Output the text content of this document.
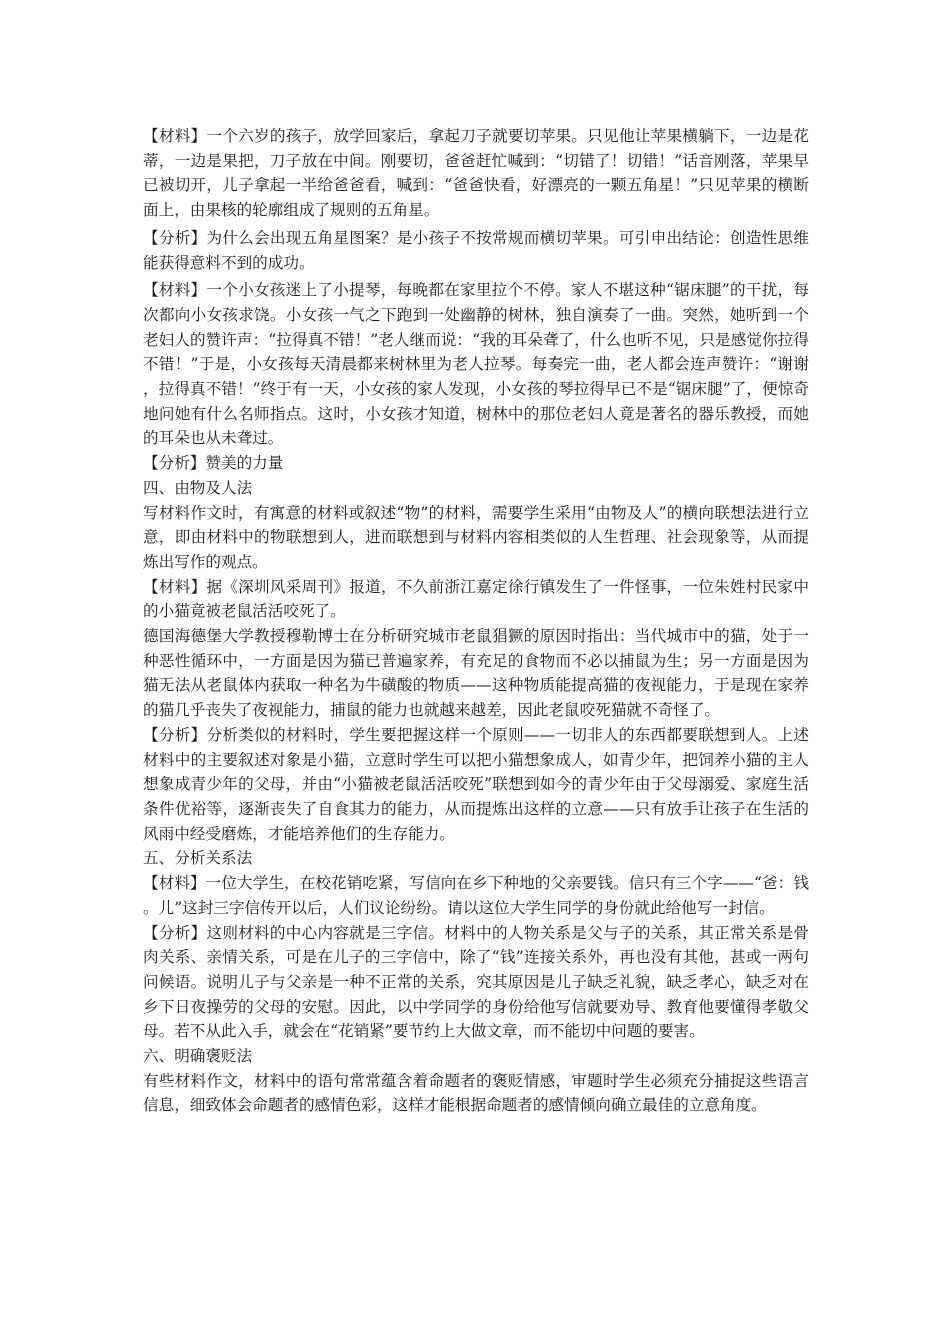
【材料】一个六岁的孩子，放学回家后，拿起刀子就要切苹果。只见他让苹果横躺下，一边是花蒂，一边是果把，刀子放在中间。刚要切，爸爸赶忙喊到：“切错了！切错！”话音刚落，苹果早已被切开，儿子拿起一半给爸爸看，喊到：“爸爸快看，好漂亮的一颗五角星！”只见苹果的横断面上，由果核的轮廓组成了规则的五角星。

【分析】为什么会出现五角星图案？是小孩子不按常规而横切苹果。可引申出结论：创造性思维能获得意料不到的成功。

【材料】一个小女孩迷上了小提琴，每晚都在家里拉个不停。家人不堪这种“锯床腿”的干扰，每次都向小女孩求饶。小女孩一气之下跑到一处幽静的树林，独自演奏了一曲。突然，她听到一个老妇人的赞许声：“拉得真不错！”老人继而说：“我的耳朵聋了，什么也听不见，只是感觉你拉得不错！”于是，小女孩每天清晨都来树林里为老人拉琴。每奏完一曲，老人都会连声赞许：“谢谢，拉得真不错！”终于有一天，小女孩的家人发现，小女孩的琴拉得早已不是“锯床腿”了，便惊奇地问她有什么名师指点。这时，小女孩才知道，树林中的那位老妇人竟是著名的器乐教授，而她的耳朵也从未聋过。

【分析】赞美的力量

四、由物及人法

写材料作文时，有寓意的材料或叙述“物”的材料，需要学生采用“由物及人”的横向联想法进行立意，即由材料中的物联想到人，进而联想到与材料内容相类似的人生哲理、社会现象等，从而提炼出写作的观点。

【材料】据《深圳风采周刊》报道，不久前浙江嘉定徐行镇发生了一件怪事，一位朱姓村民家中的小猫竟被老鼠活活咬死了。

德国海德堡大学教授穆勒博士在分析研究城市老鼠猖獗的原因时指出：当代城市中的猫，处于一种恶性循环中，一方面是因为猫已普遍家养，有充足的食物而不必以捕鼠为生；另一方面是因为猫无法从老鼠体内获取一种名为牛磺酸的物质——这种物质能提高猫的夜视能力，于是现在家养的猫几乎丧失了夜视能力，捕鼠的能力也就越来越差，因此老鼠咬死猫就不奇怪了。

【分析】分析类似的材料时，学生要把握这样一个原则——一切非人的东西都要联想到人。上述材料中的主要叙述对象是小猫，立意时学生可以把小猫想象成人，如青少年，把饲养小猫的主人想象成青少年的父母，并由“小猫被老鼠活活咬死”联想到如今的青少年由于父母溺爱、家庭生活条件优裕等，逐渐丧失了自食其力的能力，从而提炼出这样的立意——只有放手让孩子在生活的风雨中经受磨炼，才能培养他们的生存能力。

五、分析关系法

【材料】一位大学生，在校花销吃紧，写信向在乡下种地的父亲要钱。信只有三个字——“爸：钱。儿”这封三字信传开以后，人们议论纷纷。请以这位大学生同学的身份就此给他写一封信。

【分析】这则材料的中心内容就是三字信。材料中的人物关系是父与子的关系，其正常关系是骨肉关系、亲情关系，可是在儿子的三字信中，除了“钱”连接关系外，再也没有其他，甚或一两句问候语。说明儿子与父亲是一种不正常的关系，究其原因是儿子缺乏礼貌，缺乏孝心，缺乏对在乡下日夜操劳的父母的安慰。因此，以中学同学的身份给他写信就要劝导、教育他要懂得孝敬父母。若不从此入手，就会在“花销紧”要节约上大做文章，而不能切中问题的要害。

六、明确褒贬法

有些材料作文，材料中的语句常常蕴含着命题者的褒贬情感，审题时学生必须充分捕捉这些语言信息，细致体会命题者的感情色彩，这样才能根据命题者的感情倾向确立最佳的立意角度。
